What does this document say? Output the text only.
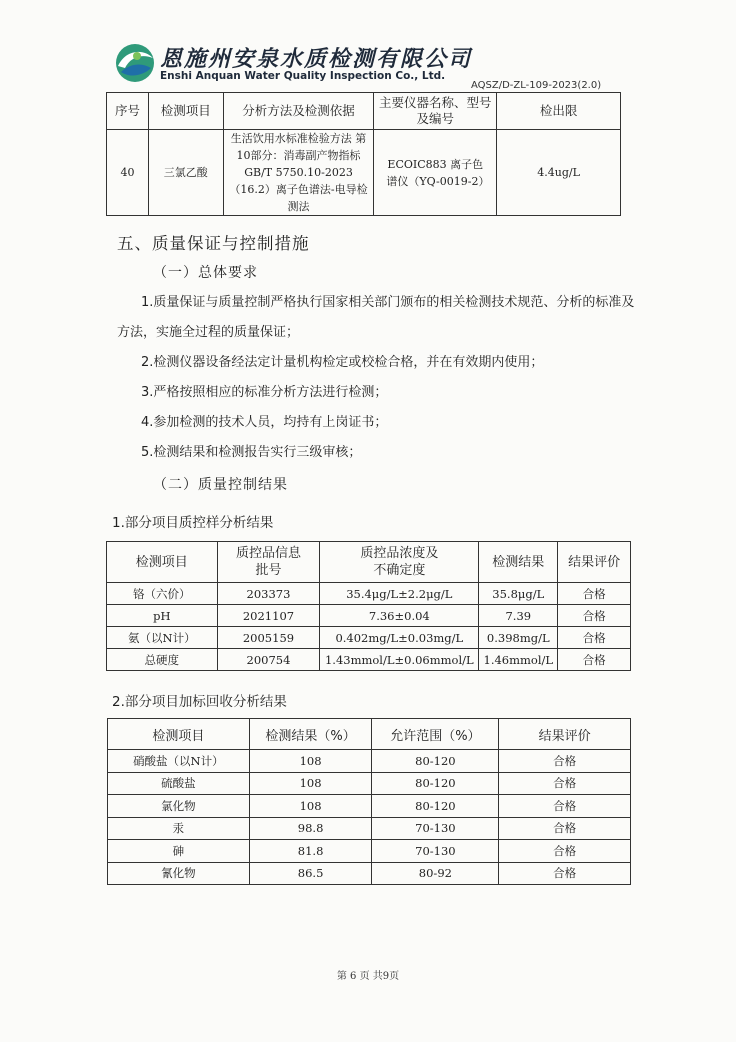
恩施州安泉水质检测有限公司
Enshi Anquan Water Quality Inspection Co., Ltd.
AQSZ/D-ZL-109-2023(2.0)
序号	检测项目	分析方法及检测依据	主要仪器名称、型号及编号	检出限
40	三氯乙酸	生活饮用水标准检验方法 第10部分：消毒副产物指标 GB/T 5750.10-2023（16.2）离子色谱法-电导检测法	ECOIC883 离子色谱仪（YQ-0019-2）	4.4ug/L
五、质量保证与控制措施
（一）总体要求
1.质量保证与质量控制严格执行国家相关部门颁布的相关检测技术规范、分析的标准及方法，实施全过程的质量保证；
2.检测仪器设备经法定计量机构检定或校检合格，并在有效期内使用；
3.严格按照相应的标准分析方法进行检测；
4.参加检测的技术人员，均持有上岗证书；
5.检测结果和检测报告实行三级审核；
（二）质量控制结果
1.部分项目质控样分析结果
检测项目	质控品信息批号	质控品浓度及不确定度	检测结果	结果评价
铬（六价）	203373	35.4μg/L±2.2μg/L	35.8μg/L	合格
pH	2021107	7.36±0.04	7.39	合格
氨（以N计）	2005159	0.402mg/L±0.03mg/L	0.398mg/L	合格
总硬度	200754	1.43mmol/L±0.06mmol/L	1.46mmol/L	合格
2.部分项目加标回收分析结果
检测项目	检测结果（%）	允许范围（%）	结果评价
硝酸盐（以N计）	108	80-120	合格
硫酸盐	108	80-120	合格
氯化物	108	80-120	合格
汞	98.8	70-130	合格
砷	81.8	70-130	合格
氰化物	86.5	80-92	合格
第 6 页 共9页
